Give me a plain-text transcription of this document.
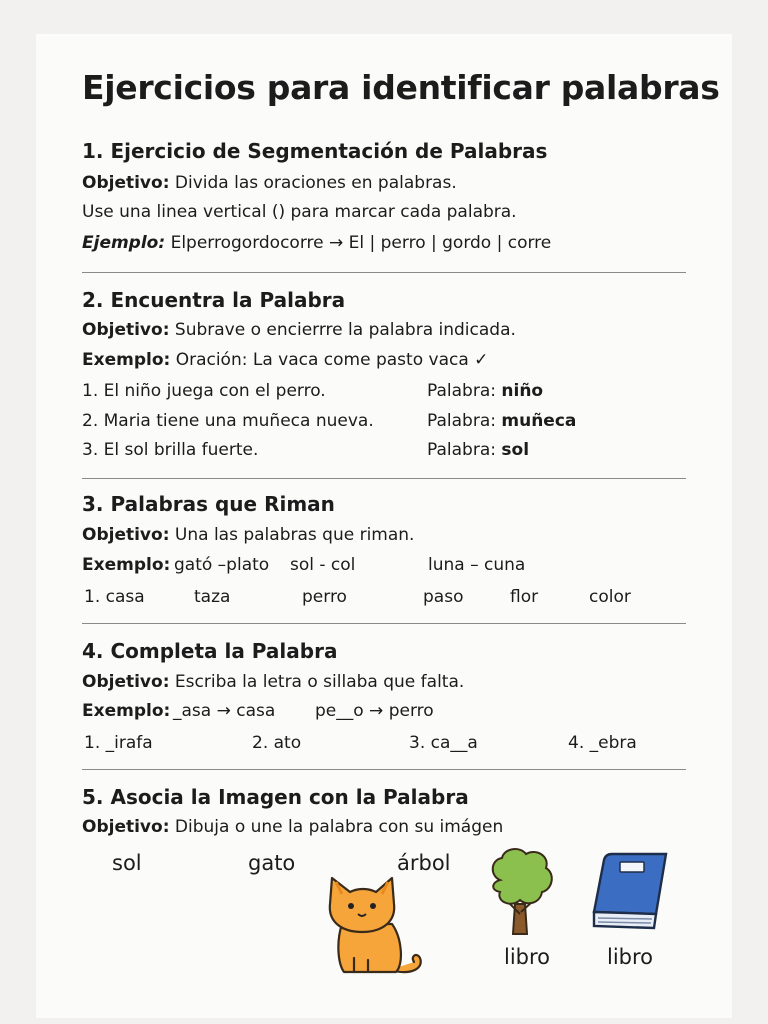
Ejercicios para identificar palabras
1. Ejercicio de Segmentación de Palabras
Objetivo: Divida las oraciones en palabras.
Use una linea vertical () para marcar cada palabra.
Ejemplo: Elperrogordocorre → El | perro | gordo | corre
2. Encuentra la Palabra
Objetivo: Subrave o encierrre la palabra indicada.
Exemplo: Oración: La vaca come pasto vaca ✓
1. El niño juega con el perro.	Palabra: niño
2. Maria tiene una muñeca nueva.	Palabra: muñeca
3. El sol brilla fuerte.	Palabra: sol
3. Palabras que Riman
Objetivo: Una las palabras que riman.
Exemplo: gató –plato sol - col	luna – cuna
1. casa	taza	perro	paso	flor	color
4. Completa la Palabra
Objetivo: Escriba la letra o sillaba que falta.
Exemplo: _asa → casa pe__o → perro
1. _irafa	2. ato	3. ca__a	4. _ebra
5. Asocia la Imagen con la Palabra
Objetivo: Dibuja o une la palabra con su imágen
sol	gato	árbol
libro	libro
